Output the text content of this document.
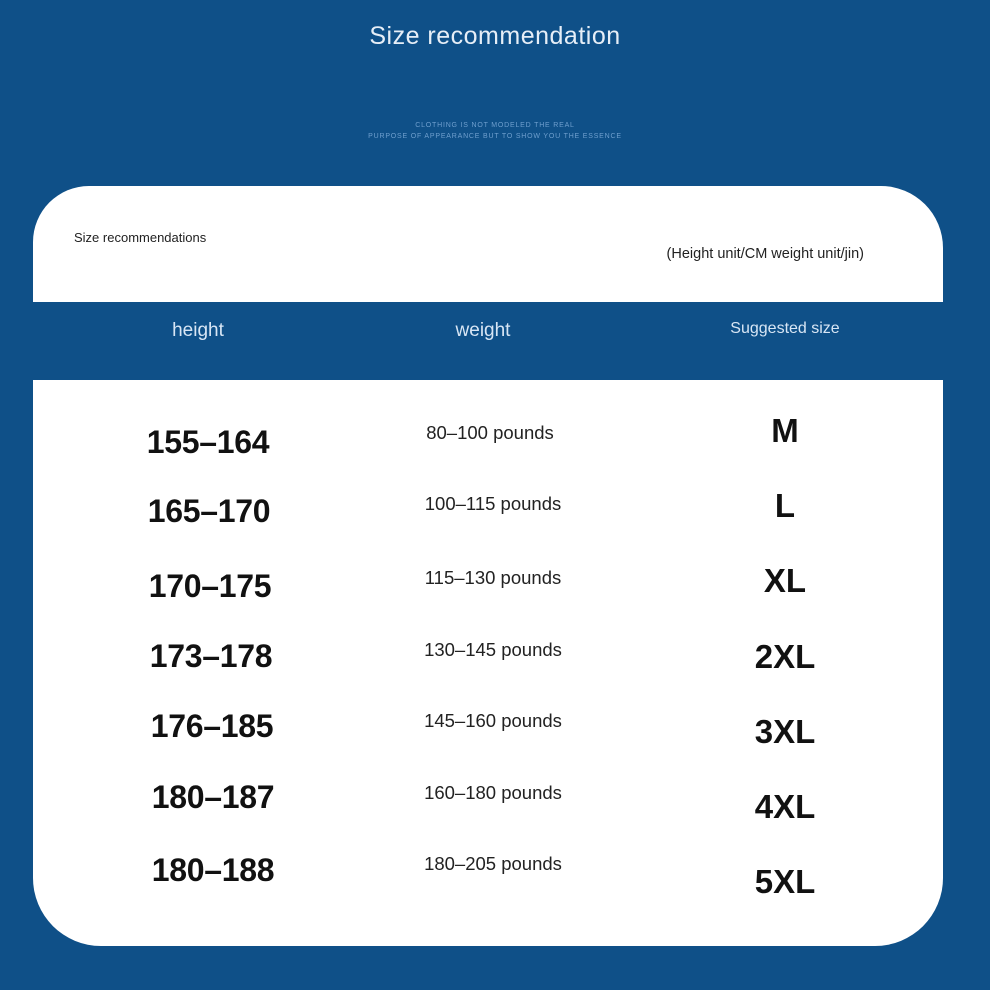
Size recommendation
CLOTHING IS NOT MODELED THE REAL
PURPOSE OF APPEARANCE BUT TO SHOW YOU THE ESSENCE
Size recommendations
(Height unit/CM weight unit/jin)
height	weight	Suggested size
155–164	80–100 pounds	M
165–170	100–115 pounds	L
170–175	115–130 pounds	XL
173–178	130–145 pounds	2XL
176–185	145–160 pounds	3XL
180–187	160–180 pounds	4XL
180–188	180–205 pounds	5XL
